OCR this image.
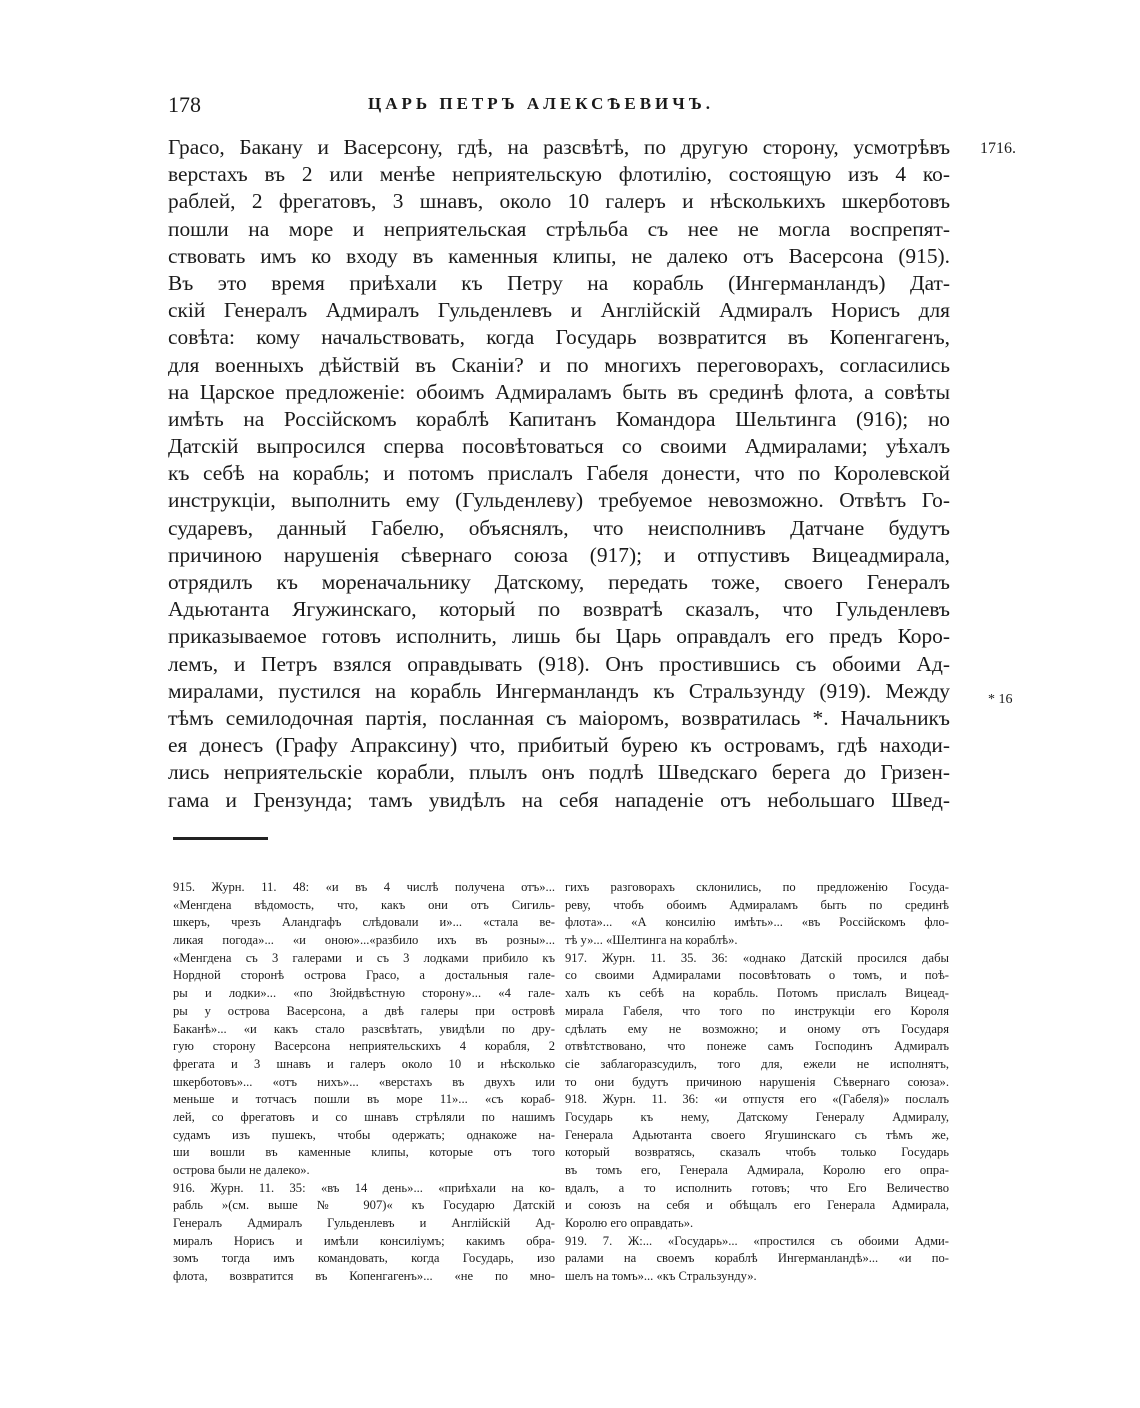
178	ЦАРЬ ПЕТРЪ АЛЕКСѢЕВИЧЪ.
1716.
* 16
Грасо, Бакану и Васерсону, гдѣ, на разсвѣтѣ, по другую сторону, усмотрѣвъ
верстахъ въ 2 или менѣе неприятельскую флотилію, состоящую изъ 4 ко-
раблей, 2 фрегатовъ, 3 шнавъ, около 10 галеръ и нѣсколькихъ шкерботовъ
пошли на море и неприятельская стрѣльба съ нее не могла воспрепят-
ствовать имъ ко входу въ каменныя клипы, не далеко отъ Васерсона (915).
Въ это время приѣхали къ Петру на корабль (Ингерманландъ) Дат-
скій Генералъ Адмиралъ Гульденлевъ и Англійскій Адмиралъ Норисъ для
совѣта: кому начальствовать, когда Государь возвратится въ Копенгагенъ,
для военныхъ дѣйствій въ Сканіи? и по многихъ переговорахъ, согласились
на Царское предложеніе: обоимъ Адмираламъ быть въ срединѣ флота, а совѣты
имѣть на Россійскомъ кораблѣ Капитанъ Командора Шельтинга (916); но
Датскій выпросился сперва посовѣтоваться со своими Адмиралами; уѣхалъ
къ себѣ на корабль; и потомъ прислалъ Габеля донести, что по Королевской
инструкціи, выполнить ему (Гульденлеву) требуемое невозможно. Отвѣтъ Го-
сударевъ, данный Габелю, объяснялъ, что неисполнивъ Датчане будутъ
причиною нарушенія сѣвернаго союза (917); и отпустивъ Вицеадмирала,
отрядилъ къ мореначальнику Датскому, передать тоже, своего Генералъ
Адьютанта Ягужинскаго, который по возвратѣ сказалъ, что Гульденлевъ
приказываемое готовъ исполнить, лишь бы Царь оправдалъ его предъ Коро-
лемъ, и Петръ взялся оправдывать (918). Онъ простившись съ обоими Ад-
миралами, пустился на корабль Ингерманландъ къ Стральзунду (919). Между
тѣмъ семилодочная партія, посланная съ маіоромъ, возвратилась *. Начальникъ
ея донесъ (Графу Апраксину) что, прибитый бурею къ островамъ, гдѣ находи-
лись неприятельскіе корабли, плылъ онъ подлѣ Шведскаго берега до Гризен-
гама и Грензунда; тамъ увидѣлъ на себя нападеніе отъ небольшаго Швед-
915. Журн. 11. 48: «и въ 4 числѣ получена отъ»...
«Менгдена вѣдомость, что, какъ они отъ Сигиль-
шкеръ, чрезъ Аландгафъ слѣдовали и»... «стала ве-
ликая погода»... «и оною»...«разбило ихъ въ розны»...
«Менгдена съ 3 галерами и съ 3 лодками прибило къ
Нордной сторонѣ острова Грасо, а достальныя гале-
ры и лодки»... «по Зюйдвѣстную сторону»... «4 гале-
ры у острова Васерсона, а двѣ галеры при островѣ
Баканѣ»... «и какъ стало разсвѣтать, увидѣли по дру-
гую сторону Васерсона неприятельскихъ 4 корабля, 2
фрегата и 3 шнавъ и галеръ около 10 и нѣсколько
шкерботовъ»... «отъ нихъ»... «верстахъ въ двухъ или
меньше и тотчасъ пошли въ море 11»... «съ кораб-
лей, со фрегатовъ и со шнавъ стрѣляли по нашимъ
судамъ изъ пушекъ, чтобы одержать; однакоже на-
ши вошли въ каменные клипы, которые отъ того
острова были не далеко».
916. Журн. 11. 35: «въ 14 день»... «приѣхали на ко-
рабль »(см. выше № 907)« къ Государю Датскій
Генералъ Адмиралъ Гульденлевъ и Англійскій Ад-
миралъ Норисъ и имѣли консиліумъ; какимъ обра-
зомъ тогда имъ командовать, когда Государь, изо
флота, возвратится въ Копенгагенъ»... «не по мно-
гихъ разговорахъ склонились, по предложенію Госуда-
реву, чтобъ обоимъ Адмираламъ быть по срединѣ
флота»... «А консилію имѣть»... «въ Россійскомъ фло-
тѣ у»... «Шелтинга на кораблѣ».
917. Журн. 11. 35. 36: «однако Датскій просился дабы
со своими Адмиралами посовѣтовать о томъ, и поѣ-
халъ къ себѣ на корабль. Потомъ прислалъ Вицеад-
мирала Габеля, что того по инструкціи его Короля
сдѣлать ему не возможно; и оному отъ Государя
отвѣтствовано, что понеже самъ Господинъ Адмиралъ
сіе заблагоразсудилъ, того для, ежели не исполнятъ,
то они будутъ причиною нарушенія Сѣвернаго союза».
918. Журн. 11. 36: «и отпустя его «(Габеля)» послалъ
Государь къ нему, Датскому Генералу Адмиралу,
Генерала Адьютанта своего Ягушинскаго съ тѣмъ же,
который возвратясь, сказалъ чтобъ только Государь
въ томъ его, Генерала Адмирала, Королю его опра-
вдалъ, а то исполнить готовъ; что Его Величество
и союзъ на себя и обѣщалъ его Генерала Адмирала,
Королю его оправдать».
919. 7. Ж:... «Государь»... «простился съ обоими Адми-
ралами на своемъ кораблѣ Ингерманландѣ»... «и по-
шелъ на томъ»... «къ Стральзунду».
